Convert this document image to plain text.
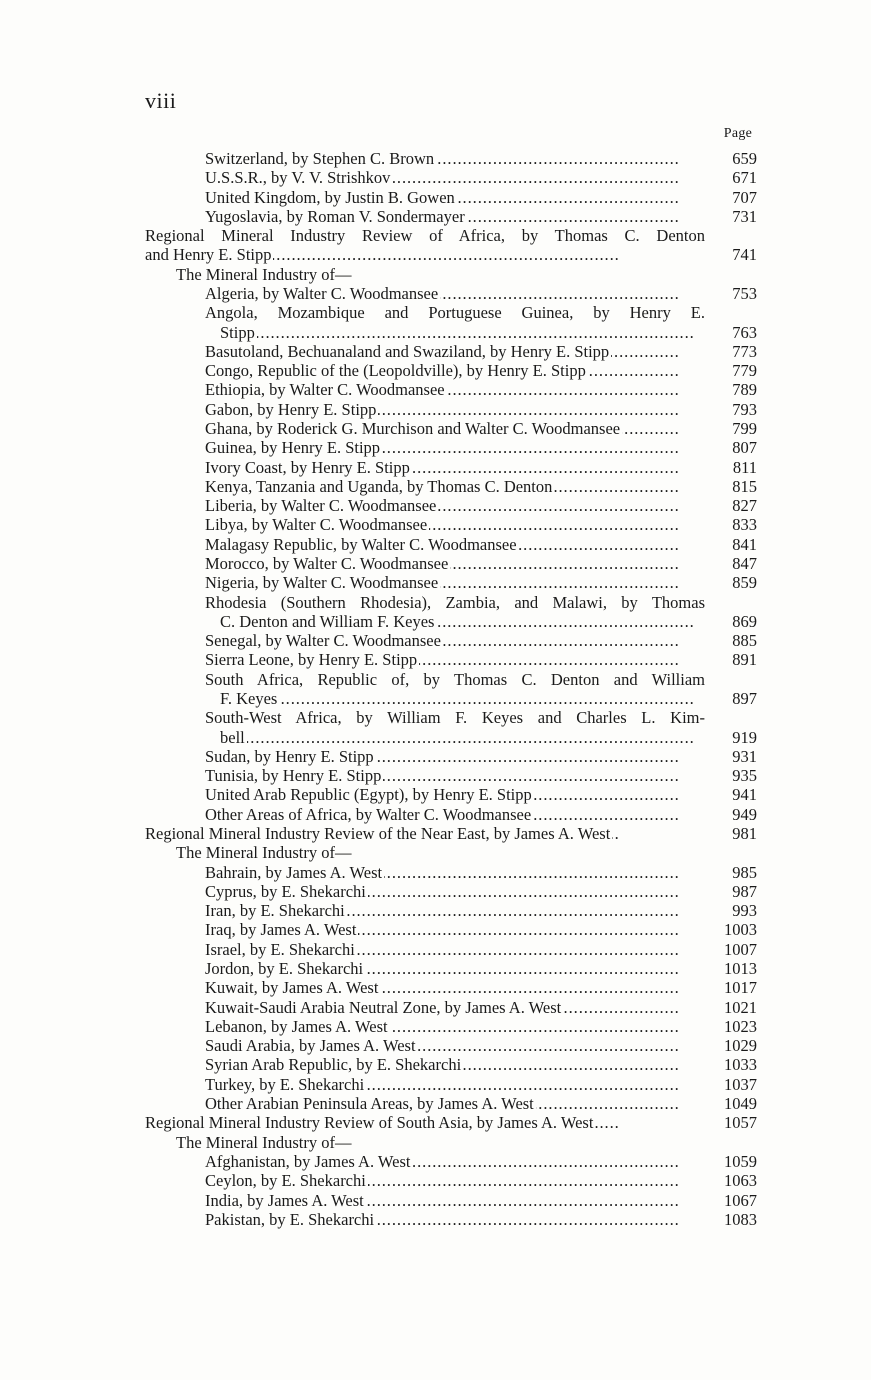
viii
Page
Switzerland, by Stephen C. Brown . . .	659
U.S.S.R., by V. V. Strishkov . . .	671
United Kingdom, by Justin B. Gowen . . .	707
Yugoslavia, by Roman V. Sondermayer . . .	731
Regional Mineral Industry Review of Africa, by Thomas C. Denton
and Henry E. Stipp . . .	741
The Mineral Industry of—
Algeria, by Walter C. Woodmansee . . .	753
Angola, Mozambique and Portuguese Guinea, by Henry E.
Stipp . . .	763
Basutoland, Bechuanaland and Swaziland, by Henry E. Stipp . . .	773
Congo, Republic of the (Leopoldville), by Henry E. Stipp . . .	779
Ethiopia, by Walter C. Woodmansee . . .	789
Gabon, by Henry E. Stipp . . .	793
Ghana, by Roderick G. Murchison and Walter C. Woodmansee . . .	799
Guinea, by Henry E. Stipp . . .	807
Ivory Coast, by Henry E. Stipp . . .	811
Kenya, Tanzania and Uganda, by Thomas C. Denton . . .	815
Liberia, by Walter C. Woodmansee . . .	827
Libya, by Walter C. Woodmansee . . .	833
Malagasy Republic, by Walter C. Woodmansee . . .	841
Morocco, by Walter C. Woodmansee . . .	847
Nigeria, by Walter C. Woodmansee . . .	859
Rhodesia (Southern Rhodesia), Zambia, and Malawi, by Thomas
C. Denton and William F. Keyes . . .	869
Senegal, by Walter C. Woodmansee . . .	885
Sierra Leone, by Henry E. Stipp . . .	891
South Africa, Republic of, by Thomas C. Denton and William
F. Keyes . . .	897
South-West Africa, by William F. Keyes and Charles L. Kim-
bell . . .	919
Sudan, by Henry E. Stipp . . .	931
Tunisia, by Henry E. Stipp . . .	935
United Arab Republic (Egypt), by Henry E. Stipp . . .	941
Other Areas of Africa, by Walter C. Woodmansee . . .	949
Regional Mineral Industry Review of the Near East, by James A. West . . .	981
The Mineral Industry of—
Bahrain, by James A. West . . .	985
Cyprus, by E. Shekarchi . . .	987
Iran, by E. Shekarchi . . .	993
Iraq, by James A. West . . .	1003
Israel, by E. Shekarchi . . .	1007
Jordon, by E. Shekarchi . . .	1013
Kuwait, by James A. West . . .	1017
Kuwait-Saudi Arabia Neutral Zone, by James A. West . . .	1021
Lebanon, by James A. West . . .	1023
Saudi Arabia, by James A. West . . .	1029
Syrian Arab Republic, by E. Shekarchi . . .	1033
Turkey, by E. Shekarchi . . .	1037
Other Arabian Peninsula Areas, by James A. West . . .	1049
Regional Mineral Industry Review of South Asia, by James A. West . . .	1057
The Mineral Industry of—
Afghanistan, by James A. West . . .	1059
Ceylon, by E. Shekarchi . . .	1063
India, by James A. West . . .	1067
Pakistan, by E. Shekarchi . . .	1083
